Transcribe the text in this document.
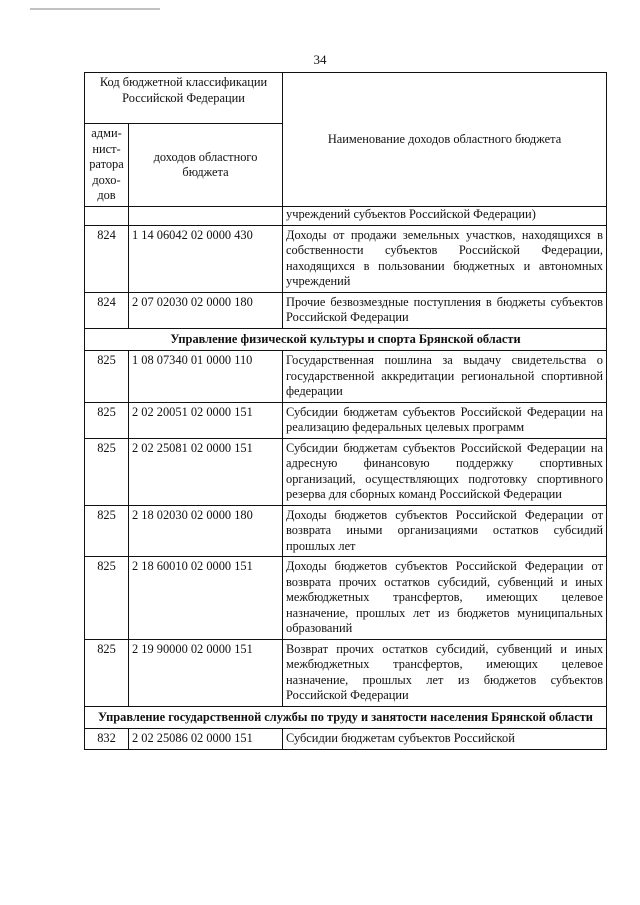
34
Код бюджетной классификации Российской Федерации		Наименование доходов областного бюджета
адми-нист-ратора дохо-дов	доходов областного бюджета	
		учреждений субъектов Российской Федерации)
824	1 14 06042 02 0000 430	Доходы от продажи земельных участков, находящихся в собственности субъектов Российской Федерации, находящихся в пользовании бюджетных и автономных учреждений
824	2 07 02030 02 0000 180	Прочие безвозмездные поступления в бюджеты субъектов Российской Федерации
Управление физической культуры и спорта Брянской области		
825	1 08 07340 01 0000 110	Государственная пошлина за выдачу свидетельства о государственной аккредитации региональной спортивной федерации
825	2 02 20051 02 0000 151	Субсидии бюджетам субъектов Российской Федерации на реализацию федеральных целевых программ
825	2 02 25081 02 0000 151	Субсидии бюджетам субъектов Российской Федерации на адресную финансовую поддержку спортивных организаций, осуществляющих подготовку спортивного резерва для сборных команд Российской Федерации
825	2 18 02030 02 0000 180	Доходы бюджетов субъектов Российской Федерации от возврата иными организациями остатков субсидий прошлых лет
825	2 18 60010 02 0000 151	Доходы бюджетов субъектов Российской Федерации от возврата прочих остатков субсидий, субвенций и иных межбюджетных трансфертов, имеющих целевое назначение, прошлых лет из бюджетов муниципальных образований
825	2 19 90000 02 0000 151	Возврат прочих остатков субсидий, субвенций и иных межбюджетных трансфертов, имеющих целевое назначение, прошлых лет из бюджетов субъектов Российской Федерации
Управление государственной службы по труду и занятости населения Брянской области		
832	2 02 25086 02 0000 151	Субсидии бюджетам субъектов Российской
